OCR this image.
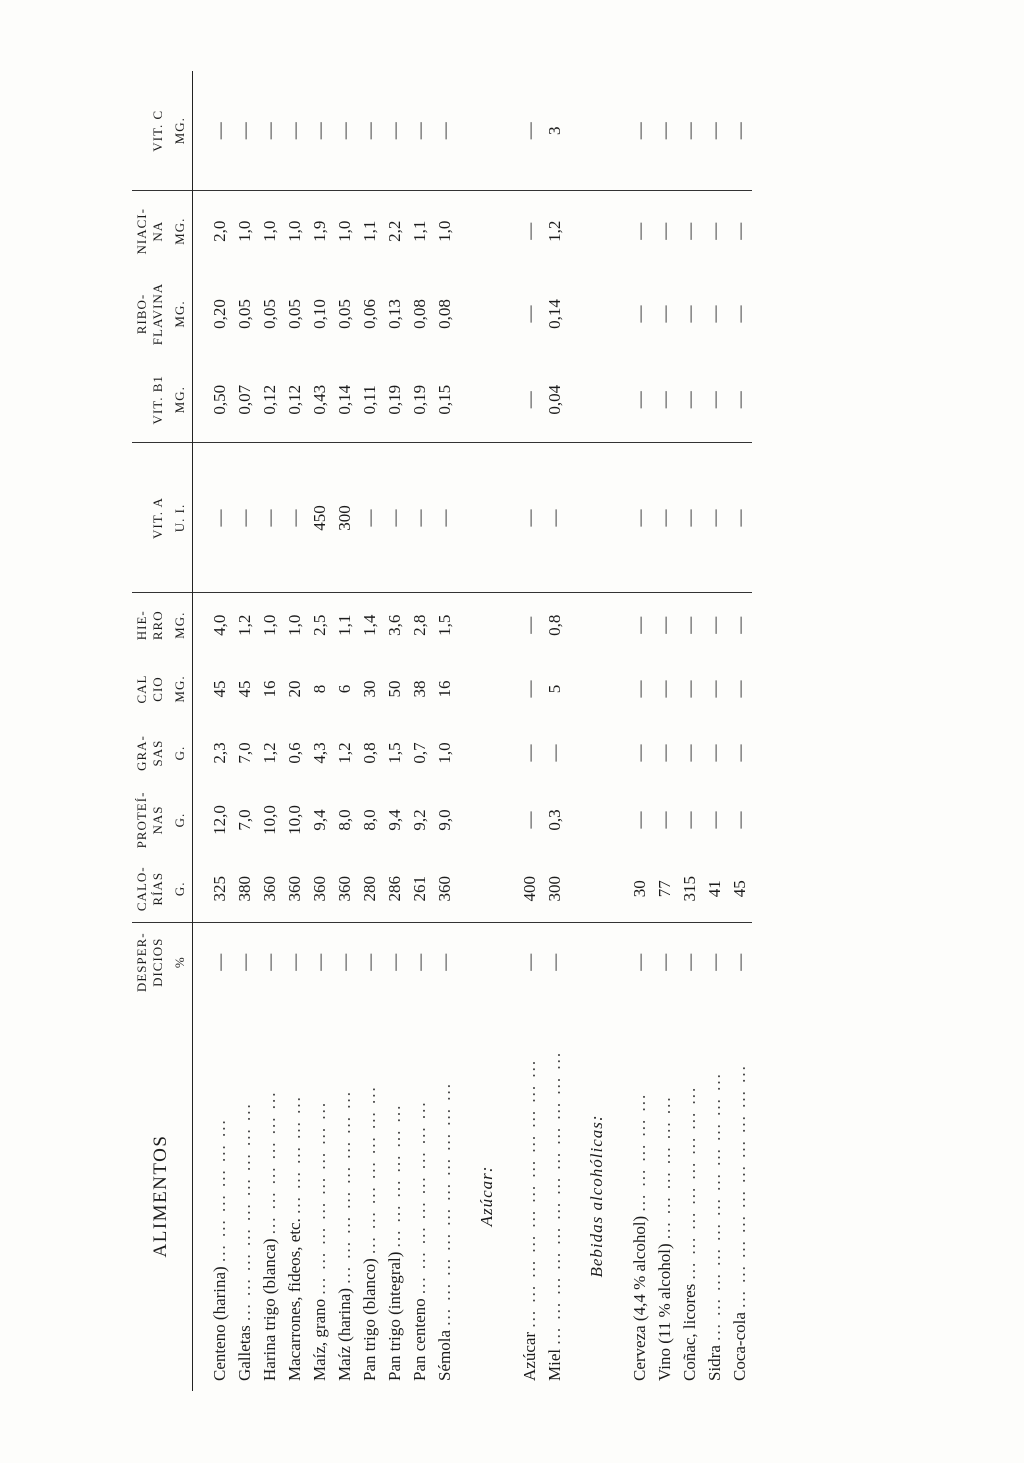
ALIMENTOS	DESPER- DICIOS %	CALO- RÍAS G.	PROTEÍ- NAS G.	GRA- SAS G.	CAL CIO MG.	HIE- RRO MG.	VIT. A U. I.	VIT. B1 MG.	RIBO- FLAVINA MG.	NIACI- NA MG.	VIT. C MG.

Centeno (harina) ... ... ... ... ... ...	—	325	12,0	2,3	45	4,0	—	0,50	0,20	2,0	—
Galletas ... ... ... ... ... ... ... ... ...	—	380	7,0	7,0	45	1,2	—	0,07	0,05	1,0	—
Harina trigo (blanca) ... ... ... ... ... ...	—	360	10,0	1,2	16	1,0	—	0,12	0,05	1,0	—
Macarrones, fideos, etc. ... ... ... ... ...	—	360	10,0	0,6	20	1,0	—	0,12	0,05	1,0	—
Maíz, grano ... ... ... ... ... ... ... ...	—	360	9,4	4,3	8	2,5	450	0,43	0,10	1,9	—
Maíz (harina) ... ... ... ... ... ... ... ...	—	360	8,0	1,2	6	1,1	300	0,14	0,05	1,0	—
Pan trigo (blanco) ... ... ... ... ... ... ...	—	280	8,0	0,8	30	1,4	—	0,11	0,06	1,1	—
Pan trigo (integral) ... ... ... ... ... ...	—	286	9,4	1,5	50	3,6	—	0,19	0,13	2,2	—
Pan centeno ... ... ... ... ... ... ... ...	—	261	9,2	0,7	38	2,8	—	0,19	0,08	1,1	—
Sémola ... ... ... ... ... ... ... ... ... ...	—	360	9,0	1,0	16	1,5	—	0,15	0,08	1,0	—
Azúcar:											
Azúcar ... ... ... ... ... ... ... ... ... ... ...	—	400	—	—	—	—	—	—	—	—	—
Miel ... ... ... ... ... ... ... ... ... ... ... ...	—	300	0,3	—	5	0,8	—	0,04	0,14	1,2	3
Bebidas alcohólicas:											
Cerveza (4,4 % alcohol) ... ... ... ... ...	—	30	—	—	—	—	—	—	—	—	—
Vino (11 % alcohol) ... ... ... ... ... ...	—	77	—	—	—	—	—	—	—	—	—
Coñac, licores ... ... ... ... ... ... ... ...	—	315	—	—	—	—	—	—	—	—	—
Sidra ... ... ... ... ... ... ... ... ... ... ...	—	41	—	—	—	—	—	—	—	—	—
Coca-cola ... ... ... ... ... ... ... ... ... ...	—	45	—	—	—	—	—	—	—	—	—
